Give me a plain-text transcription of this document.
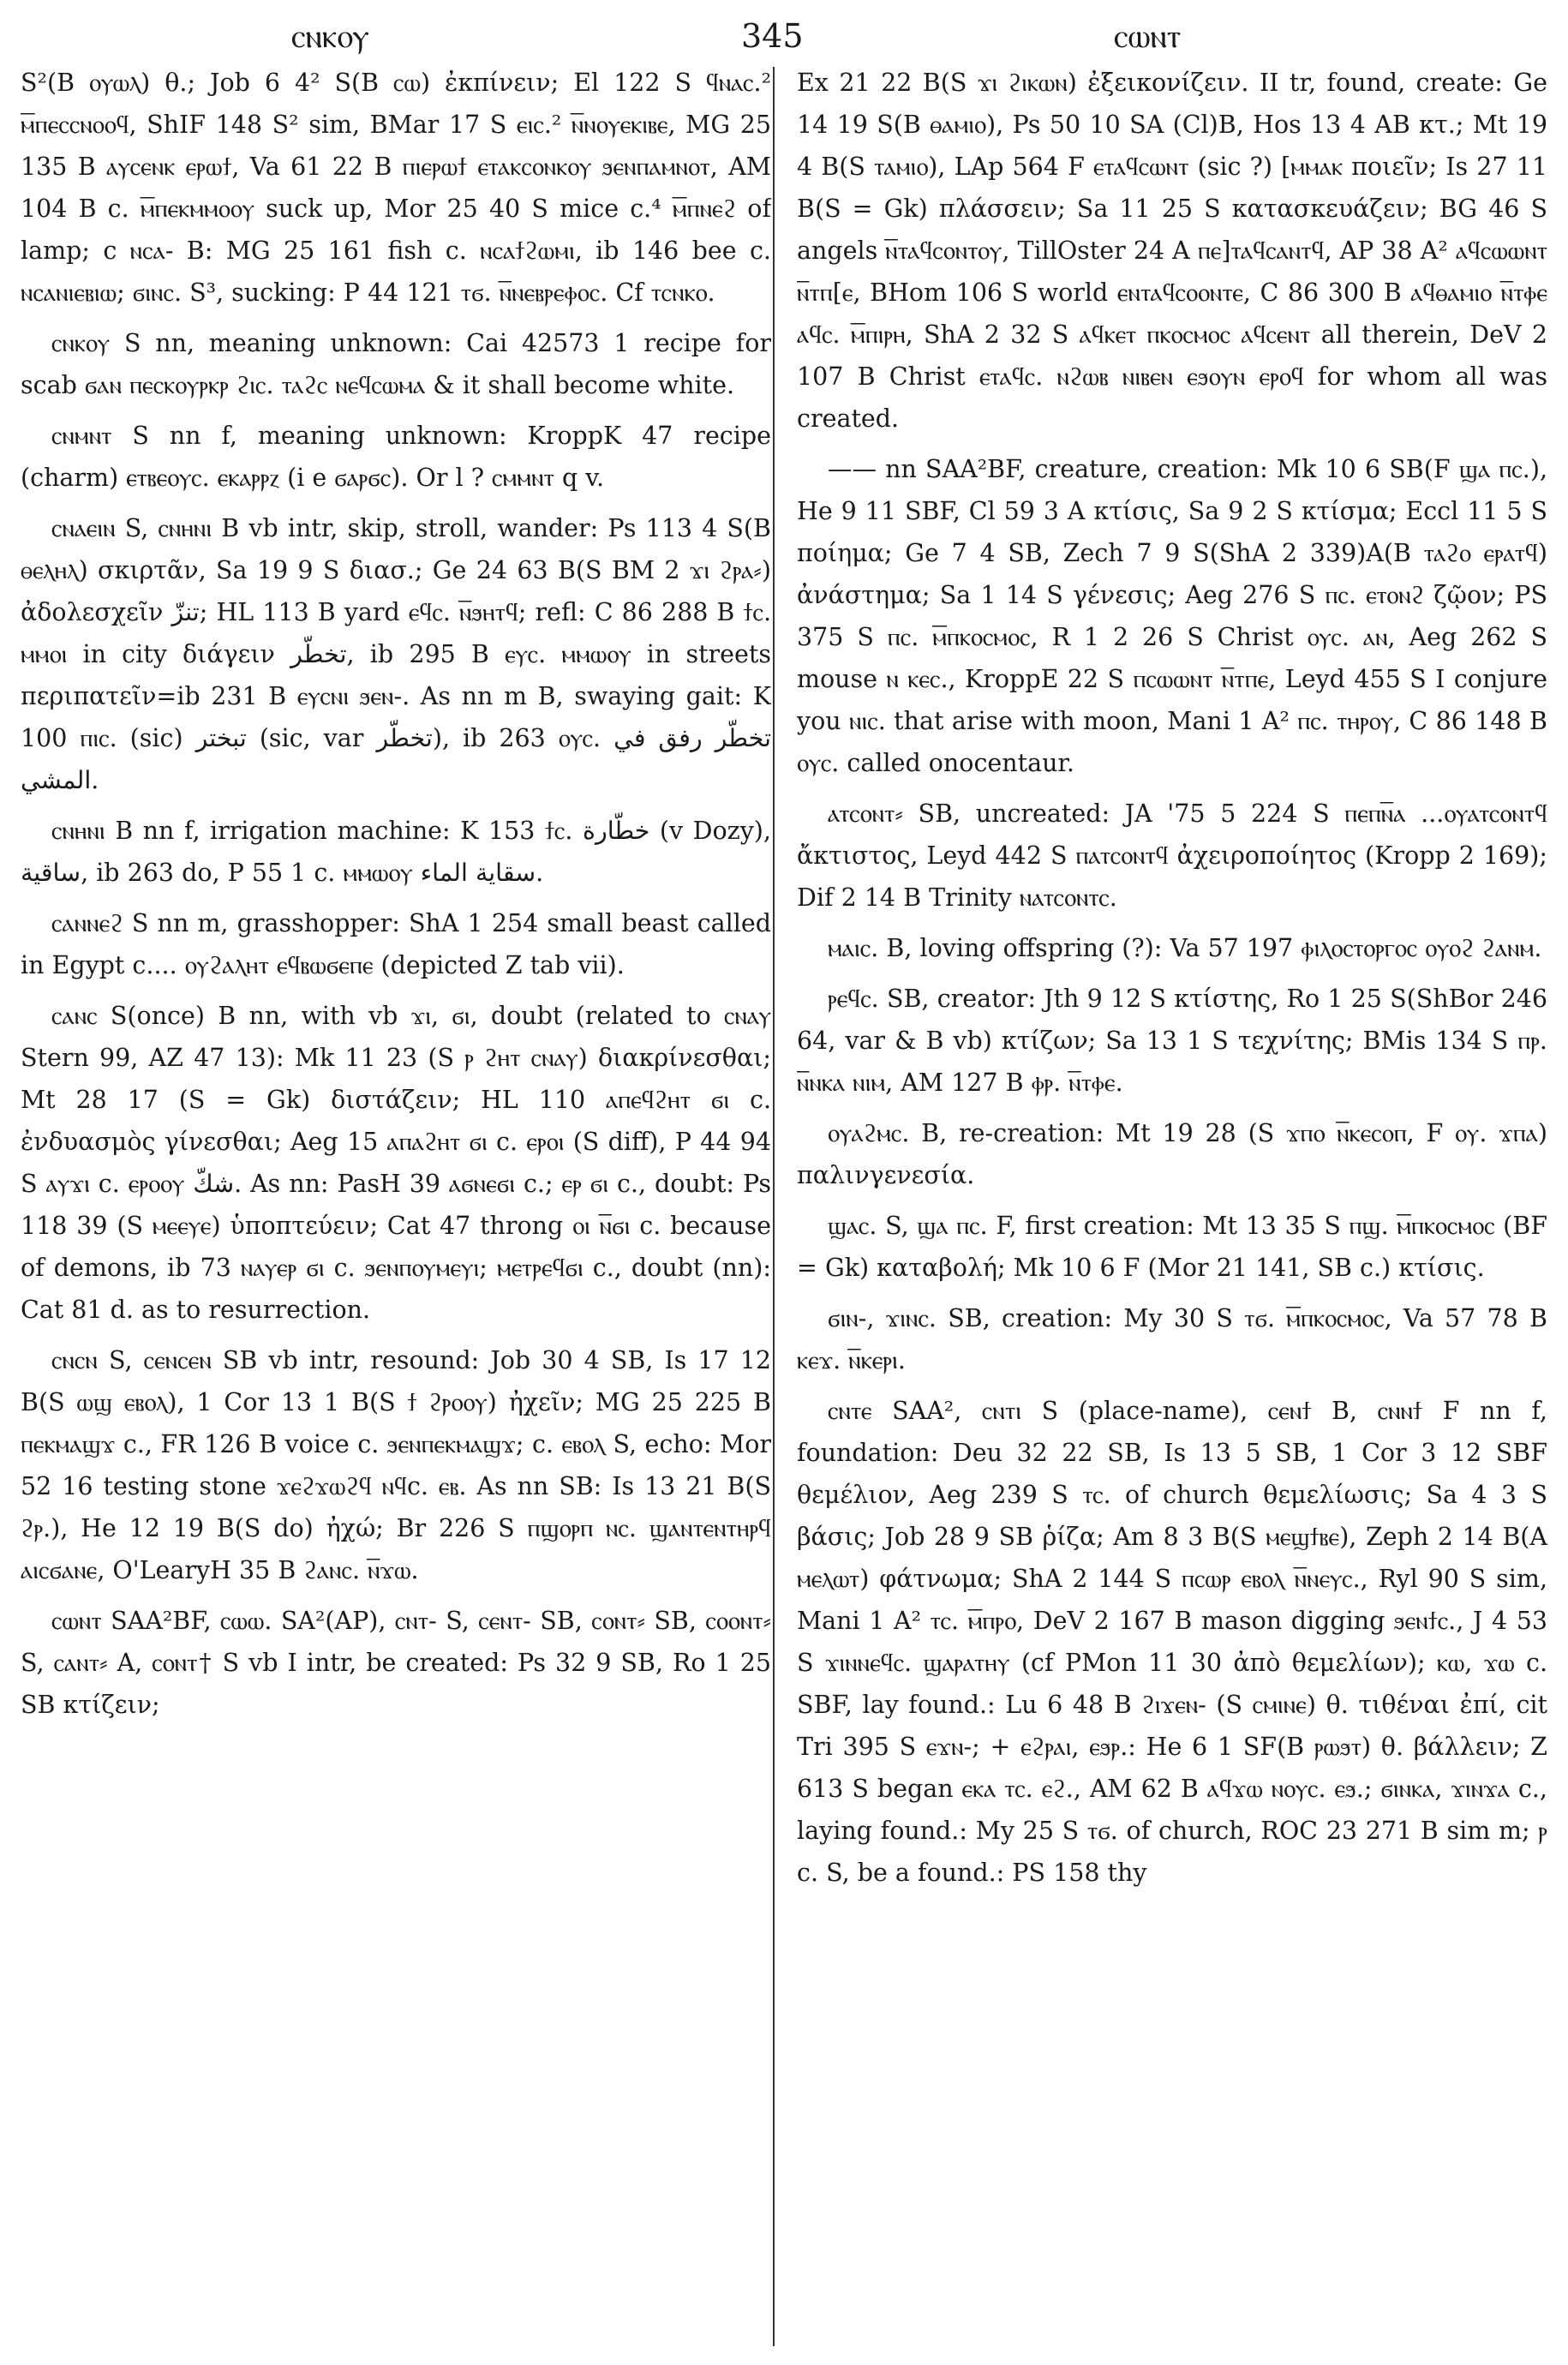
ⲥⲛⲕⲟⲩ	345	ⲥⲱⲛⲧ

S²(B ⲟⲩⲱⲗ) θ.; Job 6 4² S(B ⲥⲱ) ἐκπίνειν; El 122 S ϥⲛⲁⲥ.² ⲙ̅ⲡⲉⲥⲥⲛⲟⲟϥ, ShIF 148 S² sim, BMar 17 S ⲉⲓⲥ.² ⲛ̅ⲛⲟⲩⲉⲕⲓⲃⲉ, MG 25 135 B ⲁⲩⲥⲉⲛⲕ ⲉⲣⲱϯ, Va 61 22 B ⲡⲓⲉⲣⲱϯ ⲉⲧⲁⲕⲥⲟⲛⲕⲟⲩ ϧⲉⲛⲡⲁⲙⲛⲟⲧ, AM 104 B c. ⲙ̅ⲡⲉⲕⲙⲙⲟⲟⲩ suck up, Mor 25 40 S mice c.⁴ ⲙ̅ⲡⲛⲉϩ of lamp; c ⲛⲥⲁ- B: MG 25 161 fish c. ⲛⲥⲁϯϩⲱⲙⲓ, ib 146 bee c. ⲛⲥⲁⲛⲓⲉⲃⲓⲱ; ϭⲓⲛⲥ. S³, sucking: P 44 121 ⲧϭ. ⲛ̅ⲛⲉⲃⲣⲉⲫⲟⲥ. Cf ⲧⲥⲛⲕⲟ.

ⲥⲛⲕⲟⲩ S nn, meaning unknown: Cai 42573 1 recipe for scab ϭⲁⲛ ⲡⲉⲥⲕⲟⲩⲣⲕⲣ ϩⲓⲥ. ⲧⲁϩⲥ ⲛⲉϥⲥⲱⲙⲁ & it shall become white.

ⲥⲛⲙⲛⲧ S nn f, meaning unknown: KroppK 47 recipe (charm) ⲉⲧⲃⲉⲟⲩⲥ. ⲉⲕⲁⲣⲣⲍ (i e ϭⲁⲣϭⲥ). Or l ? ⲥⲙⲙⲛⲧ q v.

ⲥⲛⲁⲉⲓⲛ S, ⲥⲛⲏⲛⲓ B vb intr, skip, stroll, wander: Ps 113 4 S(B ⲑⲉⲗⲏⲗ) σκιρτᾶν, Sa 19 9 S διασ.; Ge 24 63 B(S BM 2 ϫⲓ ϩⲣⲁ⸗) ἀδολεσχεῖν تنزّ; HL 113 B yard ⲉϥⲥ. ⲛ̅ϧⲏⲧϥ; refl: C 86 288 B ϯⲥ. ⲙⲙⲟⲓ in city διάγειν تخطّر, ib 295 B ⲉⲩⲥ. ⲙⲙⲱⲟⲩ in streets περιπατεῖν=ib 231 B ⲉⲩⲥⲛⲓ ϧⲉⲛ-. As nn m B, swaying gait: K 100 ⲡⲓⲥ. (sic) تبختر (sic, var تخطّر), ib 263 ⲟⲩⲥ. تخطّر رفق في المشي.

ⲥⲛⲏⲛⲓ B nn f, irrigation machine: K 153 ϯⲥ. خطّارة (v Dozy), ساقية, ib 263 do, P 55 1 c. ⲙⲙⲱⲟⲩ سقاية الماء.

ⲥⲁⲛⲛⲉϩ S nn m, grasshopper: ShA 1 254 small beast called in Egypt c.... ⲟⲩϩⲁⲗⲏⲧ ⲉϥⲃⲱϭⲉⲡⲉ (depicted Z tab vii).

ⲥⲁⲛⲥ S(once) B nn, with vb ϫⲓ, ϭⲓ, doubt (related to ⲥⲛⲁⲩ Stern 99, AZ 47 13): Mk 11 23 (S ⲣ ϩⲏⲧ ⲥⲛⲁⲩ) διακρίνεσθαι; Mt 28 17 (S = Gk) διστάζειν; HL 110 ⲁⲡⲉϥϩⲏⲧ ϭⲓ c. ἐνδυασμὸς γίνεσθαι; Aeg 15 ⲁⲡⲁϩⲏⲧ ϭⲓ c. ⲉⲣⲟⲓ (S diff), P 44 94 S ⲁⲩϫⲓ c. ⲉⲣⲟⲟⲩ شكّ. As nn: PasH 39 ⲁϭⲛⲉϭⲓ c.; ⲉⲣ ϭⲓ c., doubt: Ps 118 39 (S ⲙⲉⲉⲩⲉ) ὑποπτεύειν; Cat 47 throng ⲟⲓ ⲛ̅ϭⲓ c. because of demons, ib 73 ⲛⲁⲩⲉⲣ ϭⲓ c. ϧⲉⲛⲡⲟⲩⲙⲉⲩⲓ; ⲙⲉⲧⲣⲉϥϭⲓ c., doubt (nn): Cat 81 d. as to resurrection.

ⲥⲛⲥⲛ S, ⲥⲉⲛⲥⲉⲛ SB vb intr, resound: Job 30 4 SB, Is 17 12 B(S ⲱϣ ⲉⲃⲟⲗ), 1 Cor 13 1 B(S ϯ ϩⲣⲟⲟⲩ) ἠχεῖν; MG 25 225 B ⲡⲉⲕⲙⲁϣϫ c., FR 126 B voice c. ϧⲉⲛⲡⲉⲕⲙⲁϣϫ; c. ⲉⲃⲟⲗ S, echo: Mor 52 16 testing stone ϫⲉϩϫⲱϩϥ ⲛϥc. ⲉⲃ. As nn SB: Is 13 21 B(S ϩⲣ.), He 12 19 B(S do) ἠχώ; Br 226 S ⲡϣⲟⲣⲡ ⲛⲥ. ϣⲁⲛⲧⲉⲛⲧⲏⲣϥ ⲁⲓⲥϭⲁⲛⲉ, O'LearyH 35 B ϩⲁⲛⲥ. ⲛ̅ϫⲱ.

ⲥⲱⲛⲧ SAA²BF, ⲥⲱⲱ. SA²(AP), ⲥⲛⲧ- S, ⲥⲉⲛⲧ- SB, ⲥⲟⲛⲧ⸗ SB, ⲥⲟⲟⲛⲧ⸗ S, ⲥⲁⲛⲧ⸗ A, ⲥⲟⲛⲧ† S vb I intr, be created: Ps 32 9 SB, Ro 1 25 SB κτίζειν;

Ex 21 22 B(S ϫⲓ ϩⲓⲕⲱⲛ) ἐξεικονίζειν. II tr, found, create: Ge 14 19 S(B ⲑⲁⲙⲓⲟ), Ps 50 10 SA (Cl)B, Hos 13 4 AB κτ.; Mt 19 4 B(S ⲧⲁⲙⲓⲟ), LAp 564 F ⲉⲧⲁϥⲥⲱⲛⲧ (sic ?) [ⲙⲙⲁⲕ ποιεῖν; Is 27 11 B(S = Gk) πλάσσειν; Sa 11 25 S κατασκευάζειν; BG 46 S angels ⲛ̅ⲧⲁϥⲥⲟⲛⲧⲟⲩ, TillOster 24 A ⲡⲉ]ⲧⲁϥⲥⲁⲛⲧϥ, AP 38 A² ⲁϥⲥⲱⲱⲛⲧ ⲛ̅ⲧⲡ[ⲉ, BHom 106 S world ⲉⲛⲧⲁϥⲥⲟⲟⲛⲧⲉ, C 86 300 B ⲁϥⲑⲁⲙⲓⲟ ⲛ̅ⲧⲫⲉ ⲁϥⲥ. ⲙ̅ⲡⲓⲣⲏ, ShA 2 32 S ⲁϥⲕⲉⲧ ⲡⲕⲟⲥⲙⲟⲥ ⲁϥⲥⲉⲛⲧ all therein, DeV 2 107 B Christ ⲉⲧⲁϥⲥ. ⲛϩⲱⲃ ⲛⲓⲃⲉⲛ ⲉϧⲟⲩⲛ ⲉⲣⲟϥ for whom all was created.

—— nn SAA²BF, creature, creation: Mk 10 6 SB(F ϣⲁ ⲡⲥ.), He 9 11 SBF, Cl 59 3 A κτίσις, Sa 9 2 S κτίσμα; Eccl 11 5 S ποίημα; Ge 7 4 SB, Zech 7 9 S(ShA 2 339)A(B ⲧⲁϩⲟ ⲉⲣⲁⲧϥ) ἀνάστημα; Sa 1 14 S γένεσις; Aeg 276 S ⲡⲥ. ⲉⲧⲟⲛϩ ζῷον; PS 375 S ⲡⲥ. ⲙ̅ⲡⲕⲟⲥⲙⲟⲥ, R 1 2 26 S Christ ⲟⲩⲥ. ⲁⲛ, Aeg 262 S mouse ⲛ ⲕⲉⲥ., KroppE 22 S ⲡⲥⲱⲱⲛⲧ ⲛ̅ⲧⲡⲉ, Leyd 455 S I conjure you ⲛⲓⲥ. that arise with moon, Mani 1 A² ⲡⲥ. ⲧⲏⲣⲟⲩ, C 86 148 B ⲟⲩⲥ. called onocentaur.

ⲁⲧⲥⲟⲛⲧ⸗ SB, uncreated: JA '75 5 224 S ⲡⲉⲡⲛ̅ⲁ ...ⲟⲩⲁⲧⲥⲟⲛⲧϥ ἄκτιστος, Leyd 442 S ⲡⲁⲧⲥⲟⲛⲧϥ ἀχειροποίητος (Kropp 2 169); Dif 2 14 B Trinity ⲛⲁⲧⲥⲟⲛⲧⲥ.

ⲙⲁⲓⲥ. B, loving offspring (?): Va 57 197 ⲫⲓⲗⲟⲥⲧⲟⲣⲅⲟⲥ ⲟⲩⲟϩ ϩⲁⲛⲙ.

ⲣⲉϥⲥ. SB, creator: Jth 9 12 S κτίστης, Ro 1 25 S(ShBor 246 64, var & B vb) κτίζων; Sa 13 1 S τεχνίτης; BMis 134 S ⲡⲣ. ⲛ̅ⲛⲕⲁ ⲛⲓⲙ, AM 127 B ⲫⲣ. ⲛ̅ⲧⲫⲉ.

ⲟⲩⲁϩⲙⲥ. B, re-creation: Mt 19 28 (S ϫⲡⲟ ⲛ̅ⲕⲉⲥⲟⲡ, F ⲟⲩ. ϫⲡⲁ) παλινγενεσία.

ϣⲁⲥ. S, ϣⲁ ⲡⲥ. F, first creation: Mt 13 35 S ⲡϣ. ⲙ̅ⲡⲕⲟⲥⲙⲟⲥ (BF = Gk) καταβολή; Mk 10 6 F (Mor 21 141, SB c.) κτίσις.

ϭⲓⲛ-, ϫⲓⲛⲥ. SB, creation: My 30 S ⲧϭ. ⲙ̅ⲡⲕⲟⲥⲙⲟⲥ, Va 57 78 B ⲕⲉϫ. ⲛ̅ⲕⲉⲣⲓ.

ⲥⲛⲧⲉ SAA², ⲥⲛⲧⲓ S (place-name), ⲥⲉⲛϯ B, ⲥⲛⲛϯ F nn f, foundation: Deu 32 22 SB, Is 13 5 SB, 1 Cor 3 12 SBF θεμέλιον, Aeg 239 S ⲧⲥ. of church θεμελίωσις; Sa 4 3 S βάσις; Job 28 9 SB ῥίζα; Am 8 3 B(S ⲙⲉϣϯⲃⲉ), Zeph 2 14 B(A ⲙⲉⲗⲱⲧ) φάτνωμα; ShA 2 144 S ⲡⲥⲱⲣ ⲉⲃⲟⲗ ⲛ̅ⲛⲉⲩⲥ., Ryl 90 S sim, Mani 1 A² ⲧⲥ. ⲙ̅ⲡⲣⲟ, DeV 2 167 B mason digging ϧⲉⲛϯⲥ., J 4 53 S ϫⲓⲛⲛⲉϥⲥ. ϣⲁⲣⲁⲧⲏⲩ (cf PMon 11 30 ἀπὸ θεμελίων); ⲕⲱ, ϫⲱ c. SBF, lay found.: Lu 6 48 B ϩⲓϫⲉⲛ- (S ⲥⲙⲓⲛⲉ) θ. τιθέναι ἐπί, cit Tri 395 S ⲉϫⲛ-; + ⲉϩⲣⲁⲓ, ⲉϧⲣ.: He 6 1 SF(B ⲣⲱϧⲧ) θ. βάλλειν; Z 613 S began ⲉⲕⲁ ⲧⲥ. ⲉϩ., AM 62 B ⲁϥϫⲱ ⲛⲟⲩⲥ. ⲉϧ.; ϭⲓⲛⲕⲁ, ϫⲓⲛϫⲁ c., laying found.: My 25 S ⲧϭ. of church, ROC 23 271 B sim m; ⲣ c. S, be a found.: PS 158 thy
